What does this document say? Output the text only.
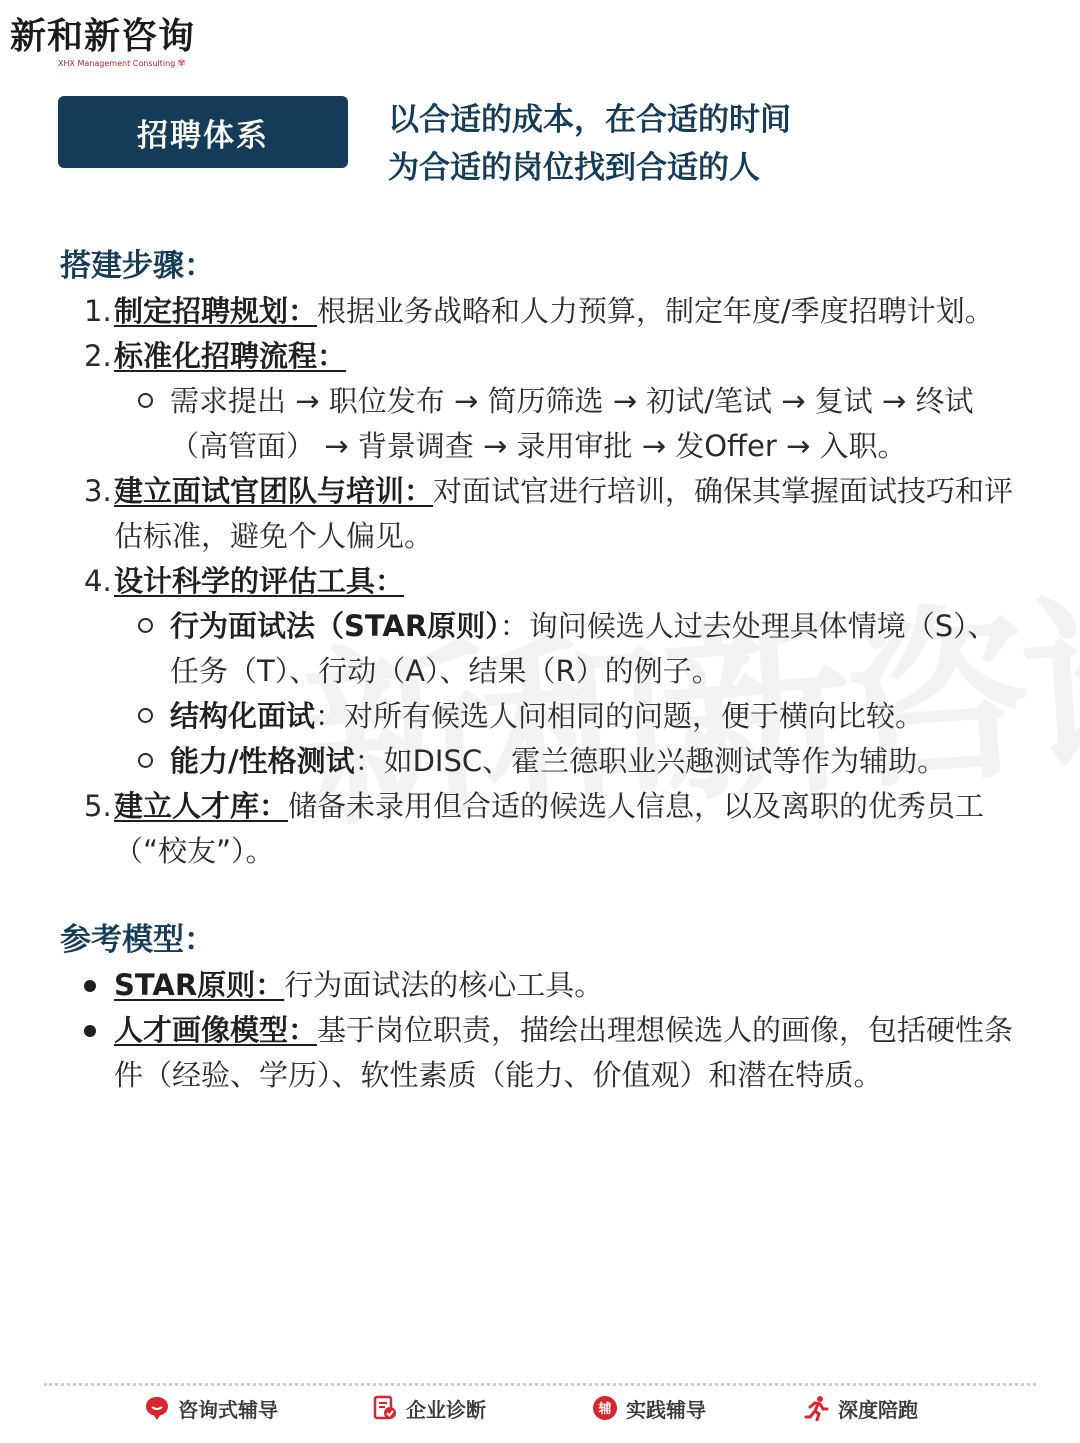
新和新咨询
XHX Management Consulting ✾
招聘体系	以合适的成本，在合适的时间
为合适的岗位找到合适的人
搭建步骤：
1. 制定招聘规划：根据业务战略和人力预算，制定年度/季度招聘计划。
2. 标准化招聘流程：
需求提出 → 职位发布 → 简历筛选 → 初试/笔试 → 复试 → 终试（高管面） → 背景调查 → 录用审批 → 发Offer → 入职。
3. 建立面试官团队与培训：对面试官进行培训，确保其掌握面试技巧和评估标准，避免个人偏见。
4. 设计科学的评估工具：
行为面试法（STAR原则）：询问候选人过去处理具体情境（S）、任务（T）、行动（A）、结果（R）的例子。
结构化面试：对所有候选人问相同的问题，便于横向比较。
能力/性格测试：如DISC、霍兰德职业兴趣测试等作为辅助。
5. 建立人才库：储备未录用但合适的候选人信息，以及离职的优秀员工（“校友”）。
参考模型：
STAR原则：行为面试法的核心工具。
人才画像模型：基于岗位职责，描绘出理想候选人的画像，包括硬性条件（经验、学历）、软性素质（能力、价值观）和潜在特质。
咨询式辅导	企业诊断	辅 实践辅导	深度陪跑
